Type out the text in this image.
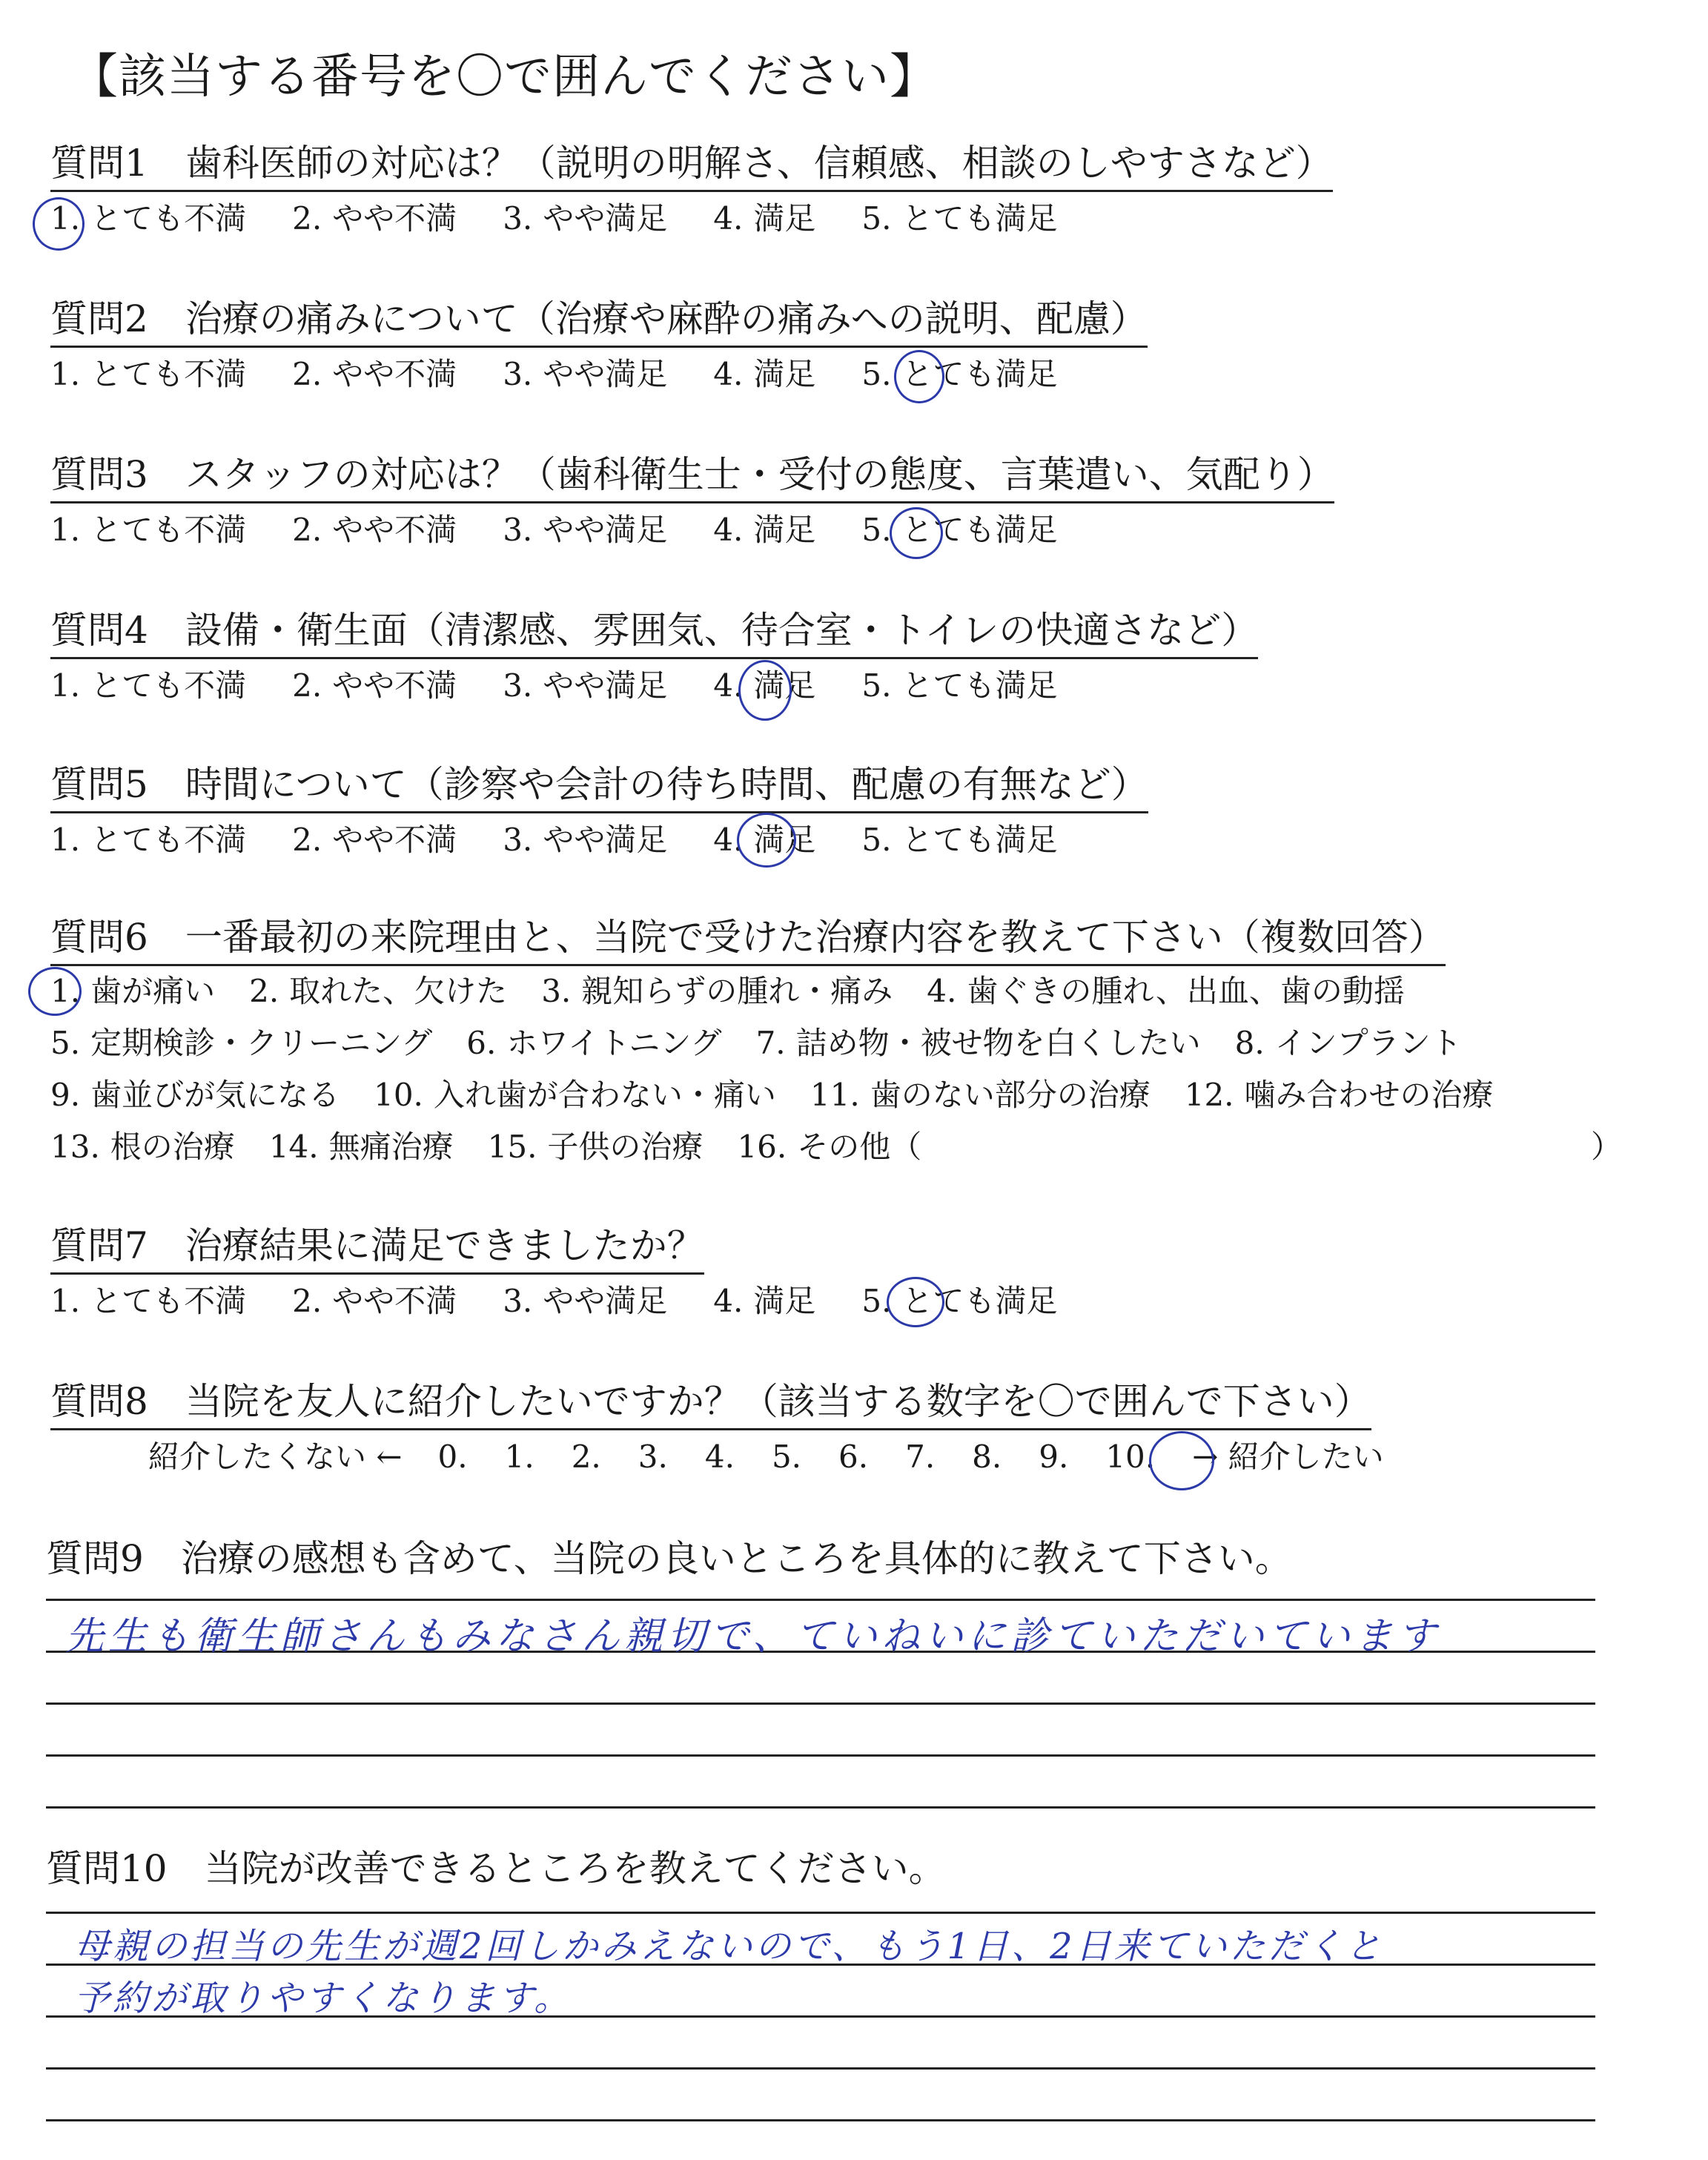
【該当する番号を〇で囲んでください】
質問1 歯科医師の対応は？（説明の明解さ、信頼感、相談のしやすさなど）
1. とても不満 2. やや不満 3. やや満足 4. 満足 5. とても満足
質問2 治療の痛みについて（治療や麻酔の痛みへの説明、配慮）
1. とても不満 2. やや不満 3. やや満足 4. 満足 5. とても満足
質問3 スタッフの対応は？（歯科衛生士・受付の態度、言葉遣い、気配り）
1. とても不満 2. やや不満 3. やや満足 4. 満足 5. とても満足
質問4 設備・衛生面（清潔感、雰囲気、待合室・トイレの快適さなど）
1. とても不満 2. やや不満 3. やや満足 4. 満足 5. とても満足
質問5 時間について（診察や会計の待ち時間、配慮の有無など）
1. とても不満 2. やや不満 3. やや満足 4. 満足 5. とても満足
質問6 一番最初の来院理由と、当院で受けた治療内容を教えて下さい（複数回答）
1. 歯が痛い 2. 取れた、欠けた 3. 親知らずの腫れ・痛み 4. 歯ぐきの腫れ、出血、歯の動揺
5. 定期検診・クリーニング 6. ホワイトニング 7. 詰め物・被せ物を白くしたい 8. インプラント
9. 歯並びが気になる 10. 入れ歯が合わない・痛い 11. 歯のない部分の治療 12. 噛み合わせの治療
13. 根の治療 14. 無痛治療 15. 子供の治療 16. その他（	）
質問7 治療結果に満足できましたか？
1. とても不満 2. やや不満 3. やや満足 4. 満足 5. とても満足
質問8 当院を友人に紹介したいですか？（該当する数字を〇で囲んで下さい）
紹介したくない ← 0. 1. 2. 3. 4. 5. 6. 7. 8. 9. 10. → 紹介したい
質問9 治療の感想も含めて、当院の良いところを具体的に教えて下さい。
先生も衛生師さんもみなさん親切で、ていねいに診ていただいています
質問10 当院が改善できるところを教えてください。
母親の担当の先生が週2回しかみえないので、もう1日、2日来ていただくと
予約が取りやすくなります。
